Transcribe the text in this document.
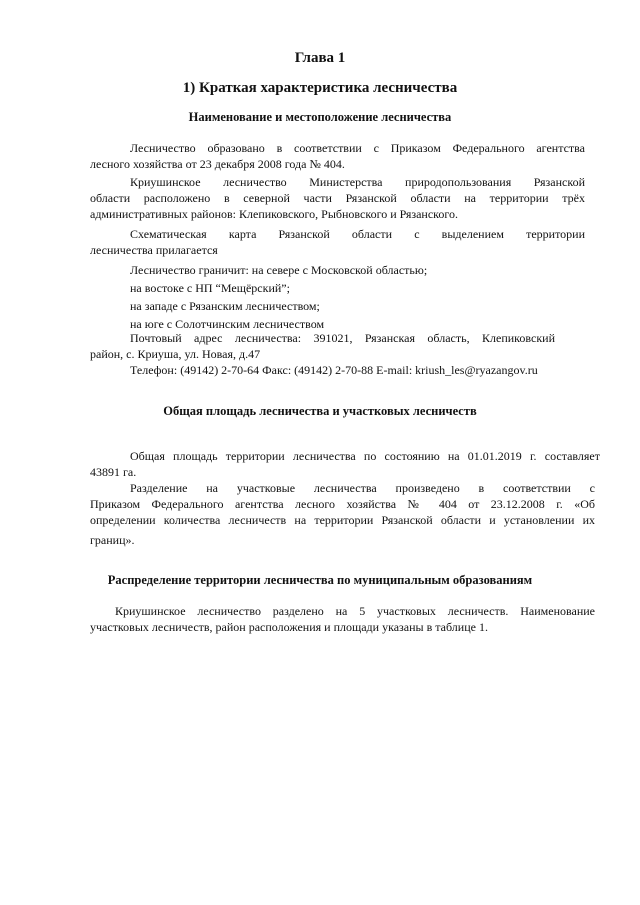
Глава 1
1) Краткая характеристика лесничества
Наименование и местоположение лесничества
Лесничество образовано в соответствии с Приказом Федерального агентства
лесного хозяйства от 23 декабря 2008 года № 404.
Криушинское лесничество Министерства природопользования Рязанской
области расположено в северной части Рязанской области на территории трёх
административных районов: Клепиковского, Рыбновского и Рязанского.
Схематическая карта Рязанской области с выделением территории
лесничества прилагается
Лесничество граничит: на севере с Московской областью;
на востоке с НП “Мещёрский”;
на западе с Рязанским лесничеством;
на юге с Солотчинским лесничеством
Почтовый адрес лесничества: 391021, Рязанская область, Клепиковский
район, с. Криуша, ул. Новая, д.47
Телефон: (49142) 2-70-64 Факс: (49142) 2-70-88 E-mail: kriush_les@ryazangov.ru
Общая площадь лесничества и участковых лесничеств
Общая площадь территории лесничества по состоянию на 01.01.2019 г. составляет
43891 га.
Разделение на участковые лесничества произведено в соответствии с
Приказом Федерального агентства лесного хозяйства № 404 от 23.12.2008 г. «Об
определении количества лесничеств на территории Рязанской области и установлении их
границ».
Распределение территории лесничества по муниципальным образованиям
Криушинское лесничество разделено на 5 участковых лесничеств. Наименование
участковых лесничеств, район расположения и площади указаны в таблице 1.
